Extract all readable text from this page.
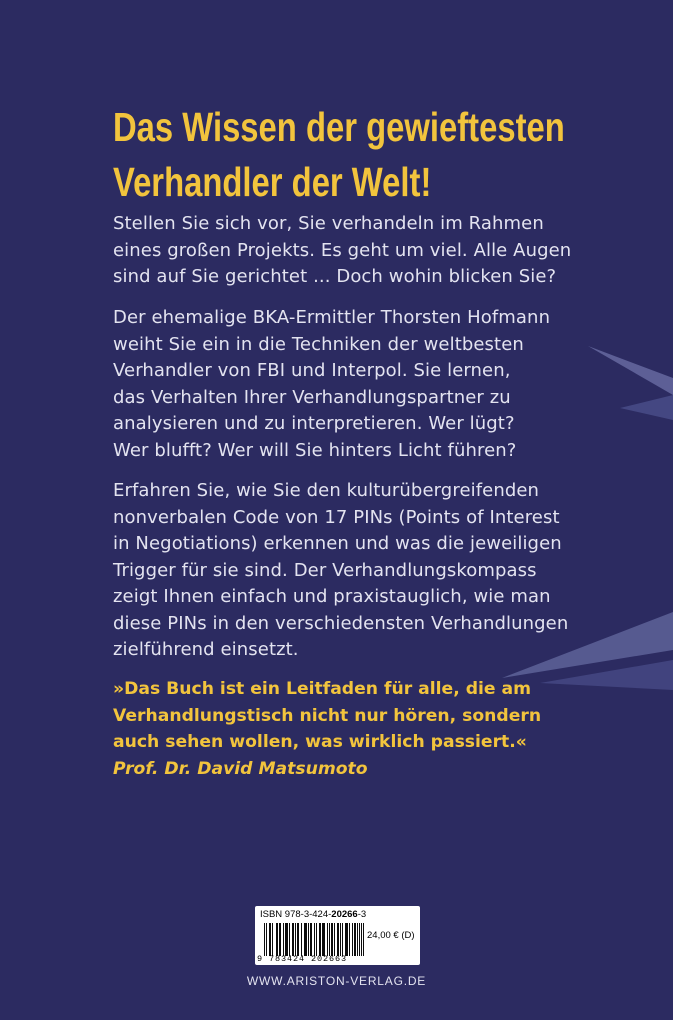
Das Wissen der gewieftesten
Verhandler der Welt!
Stellen Sie sich vor, Sie verhandeln im Rahmen
eines großen Projekts. Es geht um viel. Alle Augen
sind auf Sie gerichtet ... Doch wohin blicken Sie?
Der ehemalige BKA-Ermittler Thorsten Hofmann
weiht Sie ein in die Techniken der weltbesten
Verhandler von FBI und Interpol. Sie lernen,
das Verhalten Ihrer Verhandlungspartner zu
analysieren und zu interpretieren. Wer lügt?
Wer blufft? Wer will Sie hinters Licht führen?
Erfahren Sie, wie Sie den kulturübergreifenden
nonverbalen Code von 17 PINs (Points of Interest
in Negotiations) erkennen und was die jeweiligen
Trigger für sie sind. Der Verhandlungskompass
zeigt Ihnen einfach und praxistauglich, wie man
diese PINs in den verschiedensten Verhandlungen
zielführend einsetzt.
»Das Buch ist ein Leitfaden für alle, die am
Verhandlungstisch nicht nur hören, sondern
auch sehen wollen, was wirklich passiert.«
Prof. Dr. David Matsumoto
ISBN 978-3-424-20266-3
9 783424 202663
24,00 € (D)
WWW.ARISTON-VERLAG.DE
